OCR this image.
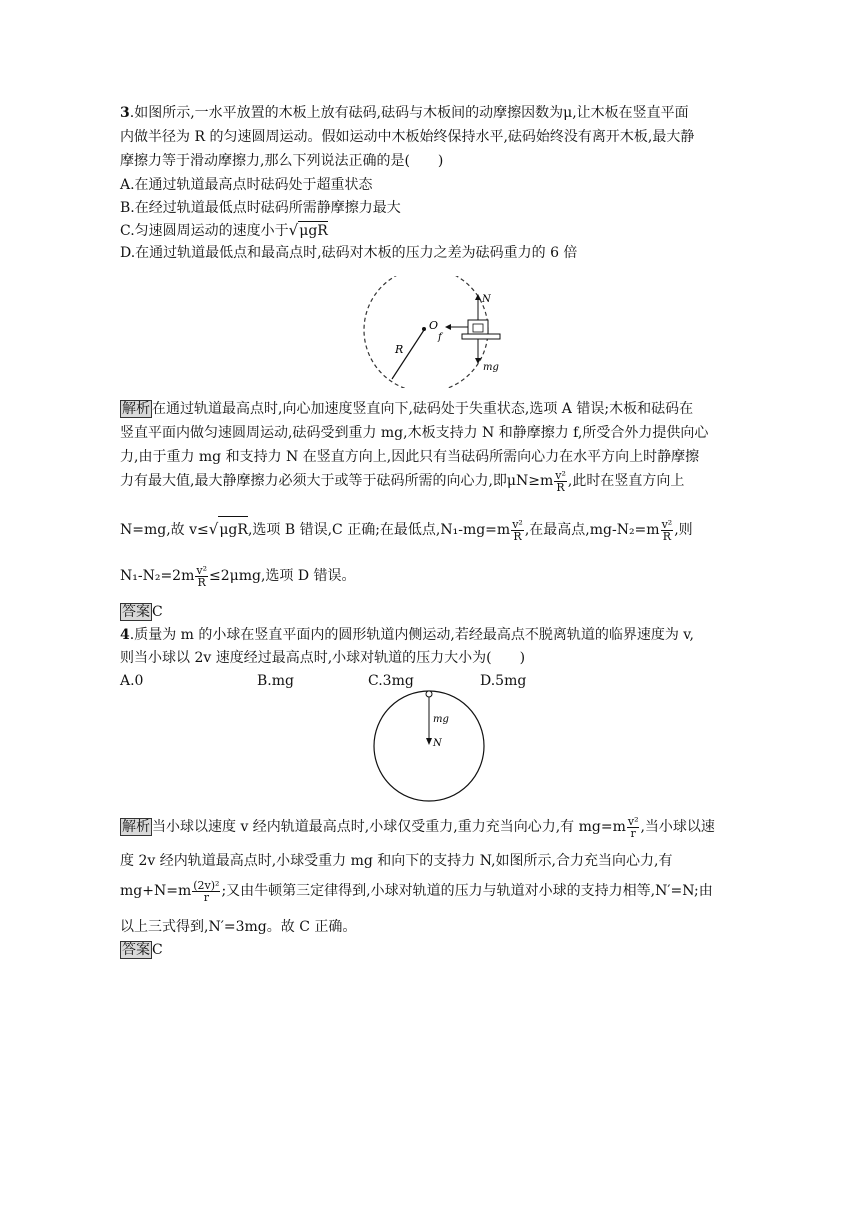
3.如图所示,一水平放置的木板上放有砝码,砝码与木板间的动摩擦因数为μ,让木板在竖直平面
内做半径为 R 的匀速圆周运动。假如运动中木板始终保持水平,砝码始终没有离开木板,最大静
摩擦力等于滑动摩擦力,那么下列说法正确的是(　　)
A.在通过轨道最高点时砝码处于超重状态
B.在经过轨道最低点时砝码所需静摩擦力最大
C.匀速圆周运动的速度小于√μgR
D.在通过轨道最低点和最高点时,砝码对木板的压力之差为砝码重力的 6 倍
O
R
N
f
mg
解析 在通过轨道最高点时,向心加速度竖直向下,砝码处于失重状态,选项 A 错误;木板和砝码在
竖直平面内做匀速圆周运动,砝码受到重力 mg,木板支持力 N 和静摩擦力 f,所受合外力提供向心
力,由于重力 mg 和支持力 N 在竖直方向上,因此只有当砝码所需向心力在水平方向上时静摩擦
力有最大值,最大静摩擦力必须大于或等于砝码所需的向心力,即$\mu N\ge m \frac{\text{v²}}{R}$ ,此时在竖直方向上
N=mg,故 v≤√μgR,选项 B 错误,C 正确;在最低点$,N_1-mg=m \frac{\text{v²}}{R}$ ,在最高点$,mg-N_2=m \frac{\text{v²}}{R}$ ,则
$N_1-N_2=2m \frac{\text{v²}}{R} \le 2\mu mg$,选项 D 错误。
答案 C
4.质量为 m 的小球在竖直平面内的圆形轨道内侧运动,若经最高点不脱离轨道的临界速度为 v,
则当小球以 2v 速度经过最高点时,小球对轨道的压力大小为(　　)
A.0	B.mg	C.3mg	D.5mg
mg
N
解析 当小球以速度 v 经内轨道最高点时,小球仅受重力,重力充当向心力,有 $mg=m \frac{\text{v²}}{r}$ ,当小球以速
度 2v 经内轨道最高点时,小球受重力 mg 和向下的支持力 N,如图所示,合力充当向心力,有
$mg+N=m \frac{\text{(2v)²}}{r}$ ;又由牛顿第三定律得到,小球对轨道的压力与轨道对小球的支持力相等,N′=N;由
以上三式得到,N′=3mg。故 C 正确。
答案 C
